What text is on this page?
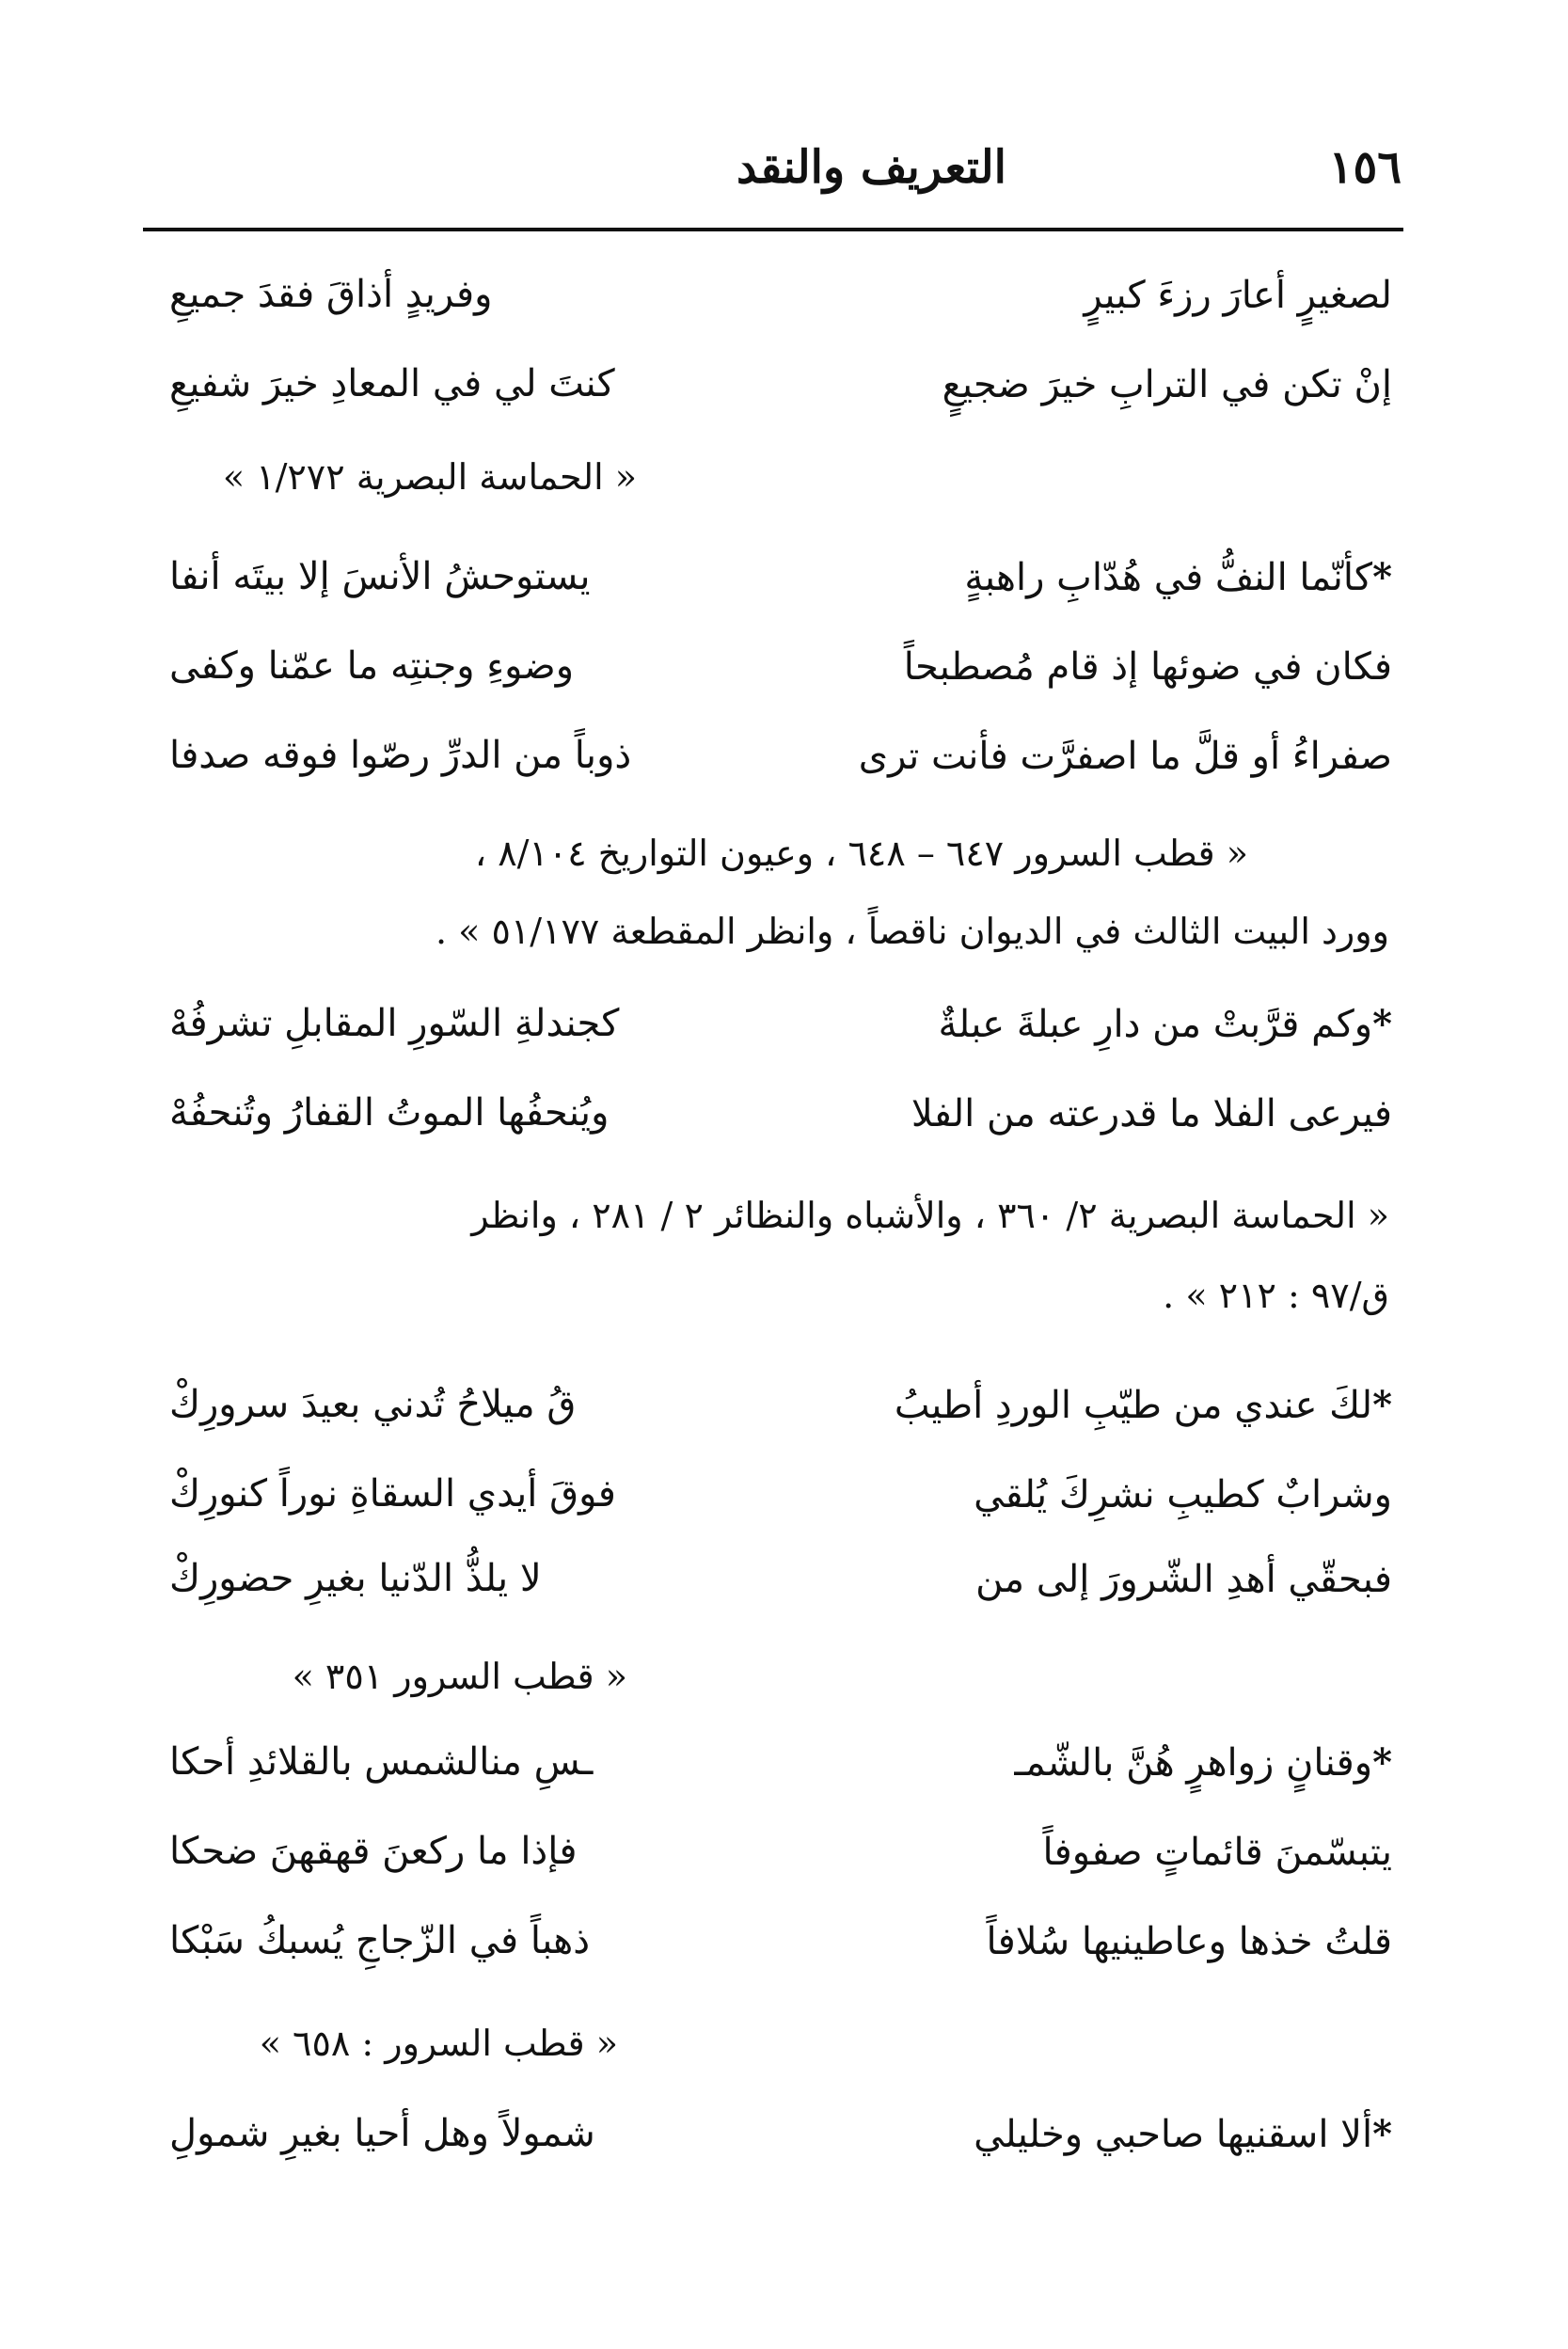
١٥٦
التعريف والنقد
لصغيرٍ أعارَ رزءَ كبيرٍ
وفريدٍ أذاقَ فقدَ جميعِ
إنْ تكن في الترابِ خيرَ ضجيعٍ
كنتَ لي في المعادِ خيرَ شفيعِ
« الحماسة البصرية ١/٢٧٢ »
*كأنّما النفُّ في هُدّابِ راهبةٍ
يستوحشُ الأنسَ إلا بيتَه أنفا
فكان في ضوئها إذ قام مُصطبحاً
وضوءِ وجنتِه ما عمّنا وكفى
صفراءُ أو قلَّ ما اصفرَّت فأنت ترى
ذوباً من الدرِّ رصّوا فوقه صدفا
« قطب السرور ٦٤٧ – ٦٤٨ ، وعيون التواريخ ٨/١٠٤ ،
وورد البيت الثالث في الديوان ناقصاً ، وانظر المقطعة ٥١/١٧٧ » .
*وكم قرَّبتْ من دارِ عبلةَ عبلةٌ
كجندلةِ السّورِ المقابلِ تشرفُهْ
فيرعى الفلا ما قدرعته من الفلا
ويُنحفُها الموتُ القفارُ وتُنحفُهْ
« الحماسة البصرية ٢/ ٣٦٠ ، والأشباه والنظائر ٢ / ٢٨١ ، وانظر
ق/٩٧ : ٢١٢ » .
*لكَ عندي من طيّبِ الوردِ أطيبُ
قُ ميلاحُ تُدني بعيدَ سرورِكْ
وشرابٌ كطيبِ نشرِكَ يُلقي
فوقَ أيدي السقاةِ نوراً كنورِكْ
فبحقّي أهدِ الشّرورَ إلى من
لا يلذُّ الدّنيا بغيرِ حضورِكْ
« قطب السرور ٣٥١ »
*وقنانٍ زواهرٍ هُنَّ بالشّمـ
ـسِ منالشمس بالقلائدِ أحكا
يتبسّمنَ قائماتٍ صفوفاً
فإذا ما ركعنَ قهقهنَ ضحكا
قلتُ خذها وعاطينيها سُلافاً
ذهباً في الزّجاجِ يُسبكُ سَبْكا
« قطب السرور : ٦٥٨ »
*ألا اسقنيها صاحبي وخليلي
شمولاً وهل أحيا بغيرِ شمولِ
